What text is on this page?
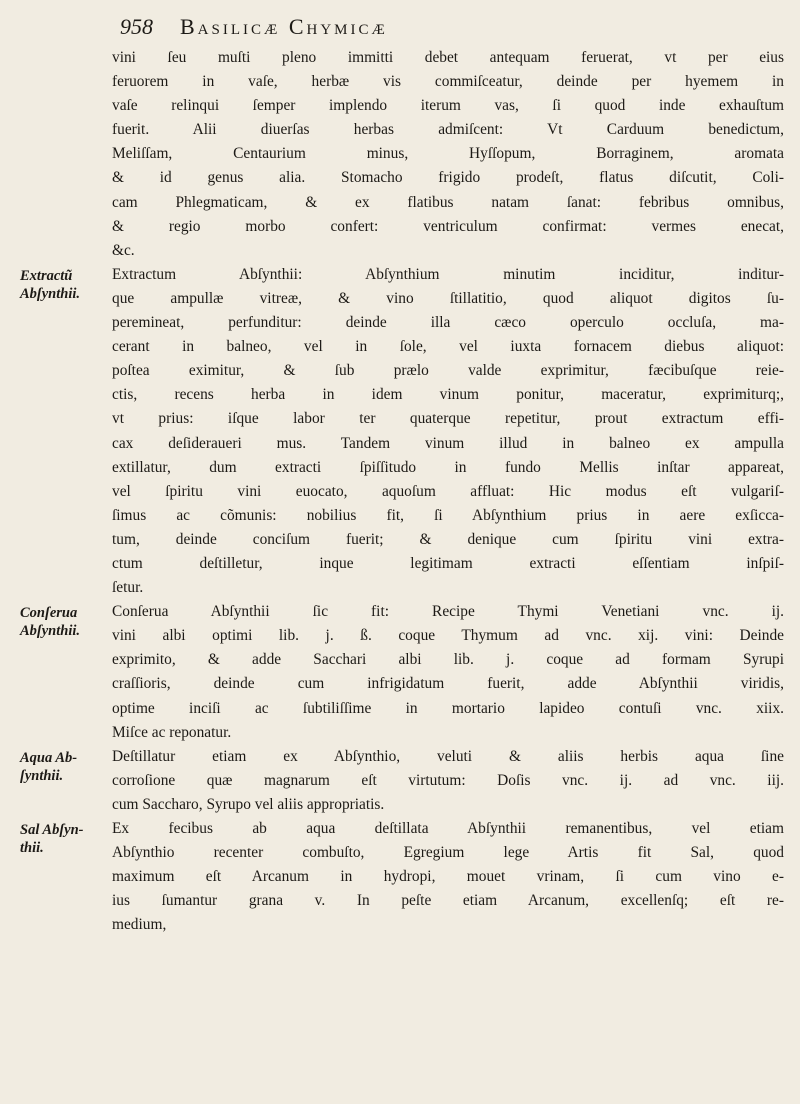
958 Basilicæ Chymicæ
vini ſeu muſti pleno immitti debet antequam feruerat, vt per eius
feruorem in vaſe, herbæ vis commiſceatur, deinde per hyemem in
vaſe relinqui ſemper implendo iterum vas, ſi quod inde exhauſtum
fuerit. Alii diuerſas herbas admiſcent: Vt Carduum benedictum,
Meliſſam, Centaurium minus, Hyſſopum, Borraginem, aromata
& id genus alia. Stomacho frigido prodeſt, flatus diſcutit, Coli-
cam Phlegmaticam, & ex flatibus natam ſanat: febribus omnibus,
& regio morbo confert: ventriculum confirmat: vermes enecat,
&c.
Extractum Abſynthii: Abſynthium minutim inciditur, inditur-
que ampullæ vitreæ, & vino ſtillatitio, quod aliquot digitos ſu-
peremineat, perfunditur: deinde illa cæco operculo occluſa, ma-
cerant in balneo, vel in ſole, vel iuxta fornacem diebus aliquot:
poſtea eximitur, & ſub prælo valde exprimitur, fæcibuſque reie-
ctis, recens herba in idem vinum ponitur, maceratur, exprimiturq;,
vt prius: iſque labor ter quaterque repetitur, prout extractum effi-
cax deſideraueri mus. Tandem vinum illud in balneo ex ampulla
extillatur, dum extracti ſpiſſitudo in fundo Mellis inſtar appareat,
vel ſpiritu vini euocato, aquoſum affluat: Hic modus eſt vulgariſ-
ſimus ac cõmunis: nobilius fit, ſi Abſynthium prius in aere exſicca-
tum, deinde conciſum fuerit; & denique cum ſpiritu vini extra-
ctum deſtilletur, inque legitimam extracti eſſentiam inſpiſ-
ſetur.
Conſerua Abſynthii ſic fit: Recipe Thymi Venetiani vnc. ij.
vini albi optimi lib. j. ß. coque Thymum ad vnc. xij. vini: Deinde
exprimito, & adde Sacchari albi lib. j. coque ad formam Syrupi
craſſioris, deinde cum infrigidatum fuerit, adde Abſynthii viridis,
optime inciſi ac ſubtiliſſime in mortario lapideo contuſi vnc. xiix.
Miſce ac reponatur.
Deſtillatur etiam ex Abſynthio, veluti & aliis herbis aqua ſine
corroſione quæ magnarum eſt virtutum: Doſis vnc. ij. ad vnc. iij.
cum Saccharo, Syrupo vel aliis appropriatis.
Ex fecibus ab aqua deſtillata Abſynthii remanentibus, vel etiam
Abſynthio recenter combuſto, Egregium lege Artis fit Sal, quod
maximum eſt Arcanum in hydropi, mouet vrinam, ſi cum vino e-
ius ſumantur grana v. In peſte etiam Arcanum, excellenſq; eſt re-
medium,
Extractũ
Abſynthii.
Conſerua
Abſynthii.
Aqua Ab-
ſynthii.
Sal Abſyn-
thii.
